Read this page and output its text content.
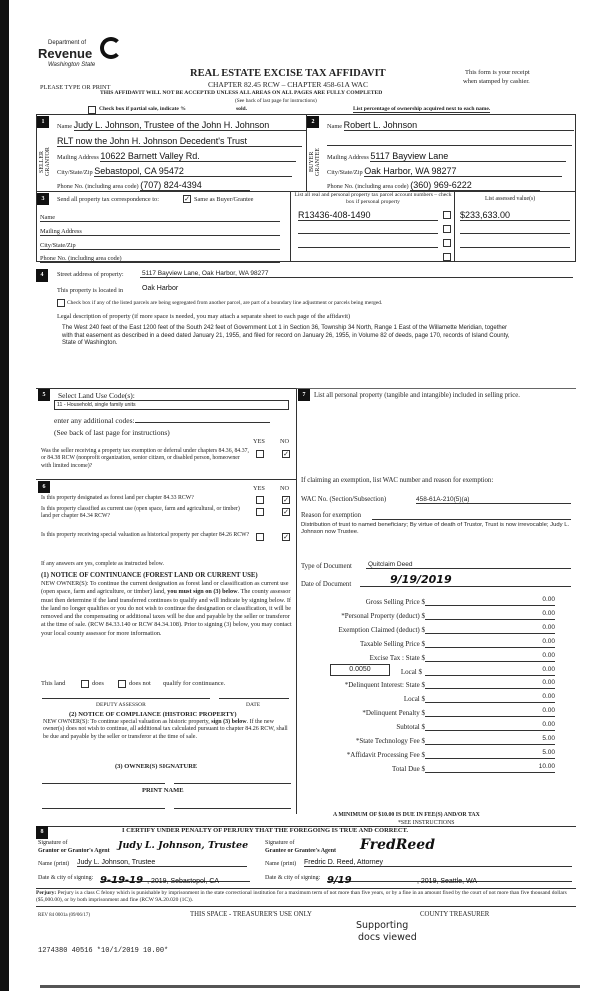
Department of
Revenue
Washington State
REAL ESTATE EXCISE TAX AFFIDAVIT
CHAPTER 82.45 RCW – CHAPTER 458-61A WAC
PLEASE TYPE OR PRINT
This form is your receipt
when stamped by cashier.
THIS AFFIDAVIT WILL NOT BE ACCEPTED UNLESS ALL AREAS ON ALL PAGES ARE FULLY COMPLETED
(See back of last page for instructions)
Check box if partial sale, indicate %	sold.	List percentage of ownership acquired next to each name.
1
SELLER GRANTOR
Name Judy L. Johnson, Trustee of the John H. Johnson
RLT now the John H. Johnson Decedent's Trust
Mailing Address 10622 Barnett Valley Rd.
City/State/Zip Sebastopol, CA 95472
Phone No. (including area code) (707) 824-4394
2
BUYER GRANTEE
Name Robert L. Johnson
Mailing Address 5117 Bayview Lane
City/State/Zip Oak Harbor, WA 98277
Phone No. (including area code) (360) 969-6222
3	Send all property tax correspondence to:	✓ Same as Buyer/Grantee
Name
Mailing Address
City/State/Zip
Phone No. (including area code)
List all real and personal property tax parcel account numbers – check box if personal property
R13436-408-1490
List assessed value(s)
$233,633.00
4	Street address of property:	5117 Bayview Lane, Oak Harbor, WA 98277
This property is located in	Oak Harbor
Check box if any of the listed parcels are being segregated from another parcel, are part of a boundary line adjustment or parcels being merged.
Legal description of property (if more space is needed, you may attach a separate sheet to each page of the affidavit)
The West 240 feet of the East 1200 feet of the South 242 feet of Government Lot 1 in Section 36, Township 34 North, Range 1 East of the Willamette Meridian, together with that easement as described in a deed dated January 21, 1955, and filed for record on January 26, 1955, in Volume 82 of deeds, page 170, records of Island County, State of Washington.
5	Select Land Use Code(s):
11 - Household, single family units
enter any additional codes:
(See back of last page for instructions)
YES NO
Was the seller receiving a property tax exemption or deferral under chapters 84.36, 84.37, or 84.38 RCW (nonprofit organization, senior citizen, or disabled person, homeowner with limited income)?
✓
6	YES NO
Is this property designated as forest land per chapter 84.33 RCW?	✓
Is this property classified as current use (open space, farm and agricultural, or timber) land per chapter 84.34 RCW?
✓
Is this property receiving special valuation as historical property per chapter 84.26 RCW?	✓
If any answers are yes, complete as instructed below.
(1) NOTICE OF CONTINUANCE (FOREST LAND OR CURRENT USE)
NEW OWNER(S): To continue the current designation as forest land or classification as current use (open space, farm and agriculture, or timber) land, you must sign on (3) below. The county assessor must then determine if the land transferred continues to qualify and will indicate by signing below. If the land no longer qualifies or you do not wish to continue the designation or classification, it will be removed and the compensating or additional taxes will be due and payable by the seller or transferor at the time of sale. (RCW 84.33.140 or RCW 84.34.108). Prior to signing (3) below, you may contact your local county assessor for more information.
This land	does	does not qualify for continuance.
DEPUTY ASSESSOR	DATE
(2) NOTICE OF COMPLIANCE (HISTORIC PROPERTY)
NEW OWNER(S): To continue special valuation as historic property, sign (3) below. If the new owner(s) does not wish to continue, all additional tax calculated pursuant to chapter 84.26 RCW, shall be due and payable by the seller or transferor at the time of sale.
(3) OWNER(S) SIGNATURE
PRINT NAME
7	List all personal property (tangible and intangible) included in selling price.
If claiming an exemption, list WAC number and reason for exemption:
WAC No. (Section/Subsection)	458-61A-210(5)(a)
Reason for exemption
Distribution of trust to named beneficiary; By virtue of death of Trustor, Trust is now irrevocable; Judy L. Johnson now Trustee.
Type of Document	Quitclaim Deed
Date of Document	9/19/2019
0.0050
Gross Selling Price $	0.00
*Personal Property (deduct) $	0.00
Exemption Claimed (deduct) $	0.00
Taxable Selling Price $	0.00
Excise Tax : State $	0.00
Local $	0.00
*Delinquent Interest: State $	0.00
Local $	0.00
*Delinquent Penalty $	0.00
Subtotal $	0.00
*State Technology Fee $	5.00
*Affidavit Processing Fee $	5.00
Total Due $	10.00
A MINIMUM OF $10.00 IS DUE IN FEE(S) AND/OR TAX
*SEE INSTRUCTIONS
8	I CERTIFY UNDER PENALTY OF PERJURY THAT THE FOREGOING IS TRUE AND CORRECT.
Signature of
Grantor or Grantor's Agent Judy L. Johnson, Trustee	Signature of
Grantee or Grantee's Agent FredReed
Name (print) Judy L. Johnson, Trustee	Name (print) Fredric D. Reed, Attorney
Date & city of signing: 9-19-19 , 2019, Sebastopol, CA	Date & city of signing: 9/19	, 2019, Seattle, WA
Perjury: Perjury is a class C felony which is punishable by imprisonment in the state correctional institution for a maximum term of not more than five years, or by a fine in an amount fixed by the court of not more than five thousand dollars ($5,000.00), or by both imprisonment and fine (RCW 9A.20.020 (1C)).
REV 84 0001a (09/06/17)	THIS SPACE - TREASURER'S USE ONLY	COUNTY TREASURER
Supporting
docs viewed
1274380 40516 *10/1/2019 10.00*
